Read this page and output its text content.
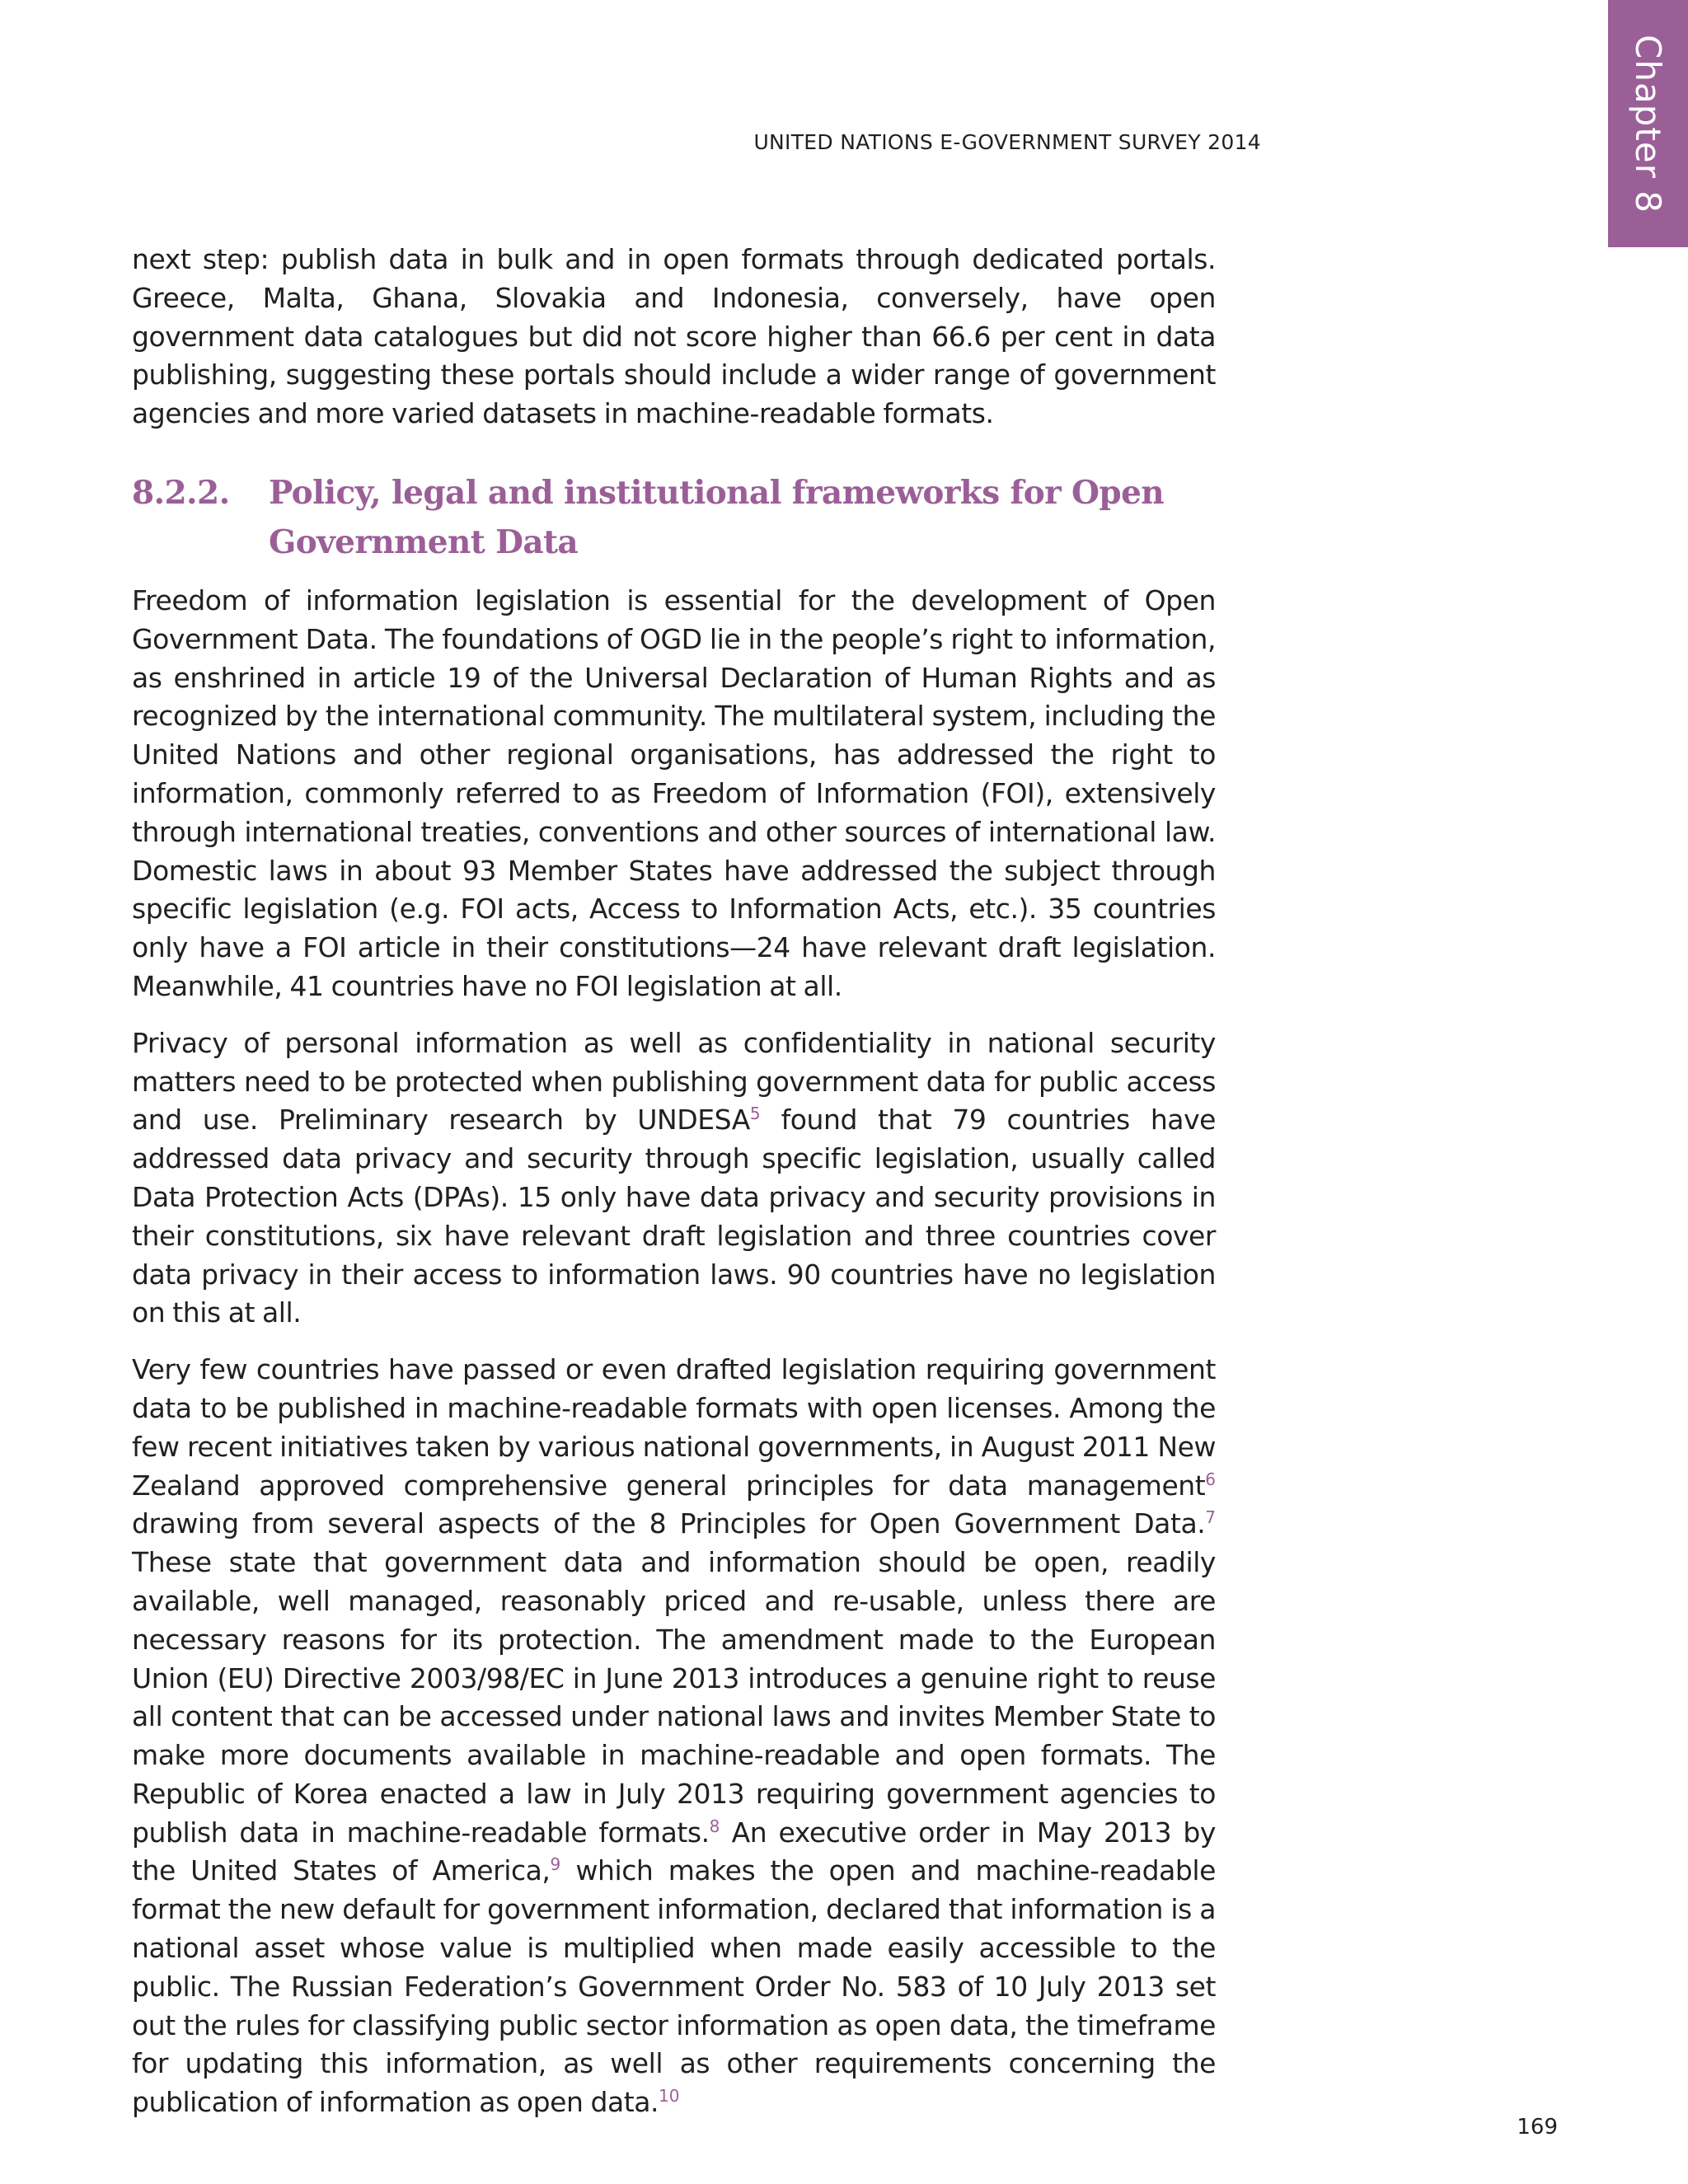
Chapter 8
UNITED NATIONS E-GOVERNMENT SURVEY 2014

next step: publish data in bulk and in open formats through dedicated portals. Greece, Malta, Ghana, Slovakia and Indonesia, conversely, have open government data catalogues but did not score higher than 66.6 per cent in data publishing, suggesting these portals should include a wider range of government agencies and more varied datasets in machine-readable formats.

8.2.2.	Policy, legal and institutional frameworks for Open Government Data

Freedom of information legislation is essential for the development of Open Government Data. The foundations of OGD lie in the people’s right to information, as enshrined in article 19 of the Universal Declaration of Human Rights and as recognized by the international community. The multilateral system, including the United Nations and other regional organisations, has addressed the right to information, commonly referred to as Freedom of Information (FOI), extensively through international treaties, conventions and other sources of international law. Domestic laws in about 93 Member States have addressed the subject through specific legislation (e.g. FOI acts, Access to Information Acts, etc.). 35 countries only have a FOI article in their constitutions—24 have relevant draft legislation. Meanwhile, 41 countries have no FOI legislation at all.

Privacy of personal information as well as confidentiality in national security matters need to be protected when publishing government data for public access and use. Preliminary research by UNDESA$^5$ found that 79 countries have addressed data privacy and security through specific legislation, usually called Data Protection Acts (DPAs). 15 only have data privacy and security provisions in their constitutions, six have relevant draft legislation and three countries cover data privacy in their access to information laws. 90 countries have no legislation on this at all.

Very few countries have passed or even drafted legislation requiring government data to be published in machine-readable formats with open licenses. Among the few recent initiatives taken by various national governments, in August 2011 New Zealand approved comprehensive general principles for data management$^6$ drawing from several aspects of the 8 Principles for Open Government Data.$^7$ These state that government data and information should be open, readily available, well managed, reasonably priced and re-usable, unless there are necessary reasons for its protection. The amendment made to the European Union (EU) Directive 2003/98/EC in June 2013 introduces a genuine right to reuse all content that can be accessed under national laws and invites Member State to make more documents available in machine-readable and open formats. The Republic of Korea enacted a law in July 2013 requiring government agencies to publish data in machine-readable formats.$^8$ An executive order in May 2013 by the United States of America,$^9$ which makes the open and machine-readable format the new default for government information, declared that information is a national asset whose value is multiplied when made easily accessible to the public. The Russian Federation’s Government Order No. 583 of 10 July 2013 set out the rules for classifying public sector information as open data, the timeframe for updating this information, as well as other requirements concerning the publication of information as open data.$^{10}$

169
